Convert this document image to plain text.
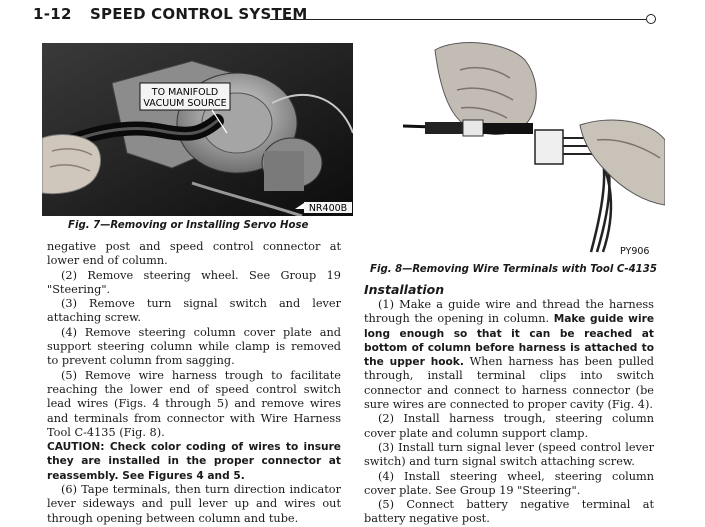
1-12 SPEED CONTROL SYSTEM
TO MANIFOLD
VACUUM SOURCE
NR400B
Fig. 7—Removing or Installing Servo Hose
PY906
Fig. 8—Removing Wire Terminals with Tool C-4135

negative post and speed control connector at lower end of column.

(2) Remove steering wheel. See Group 19 "Steering".

(3) Remove turn signal switch and lever attaching screw.

(4) Remove steering column cover plate and support steering column while clamp is removed to prevent column from sagging.

(5) Remove wire harness trough to facilitate reaching the lower end of speed control switch lead wires (Figs. 4 through 5) and remove wires and terminals from connector with Wire Harness Tool C-4135 (Fig. 8).

CAUTION: Check color coding of wires to insure they are installed in the proper connector at reassembly. See Figures 4 and 5.

(6) Tape terminals, then turn direction indicator lever sideways and pull lever up and wires out through opening between column and tube.

Installation

(1) Make a guide wire and thread the harness through the opening in column. Make guide wire long enough so that it can be reached at bottom of column before harness is attached to the upper hook. When harness has been pulled through, install terminal clips into switch connector and connect to harness connector (be sure wires are connected to proper cavity (Fig. 4).

(2) Install harness trough, steering column cover plate and column support clamp.

(3) Install turn signal lever (speed control lever switch) and turn signal switch attaching screw.

(4) Install steering wheel, steering column cover plate. See Group 19 "Steering".

(5) Connect battery negative terminal at battery negative post.
